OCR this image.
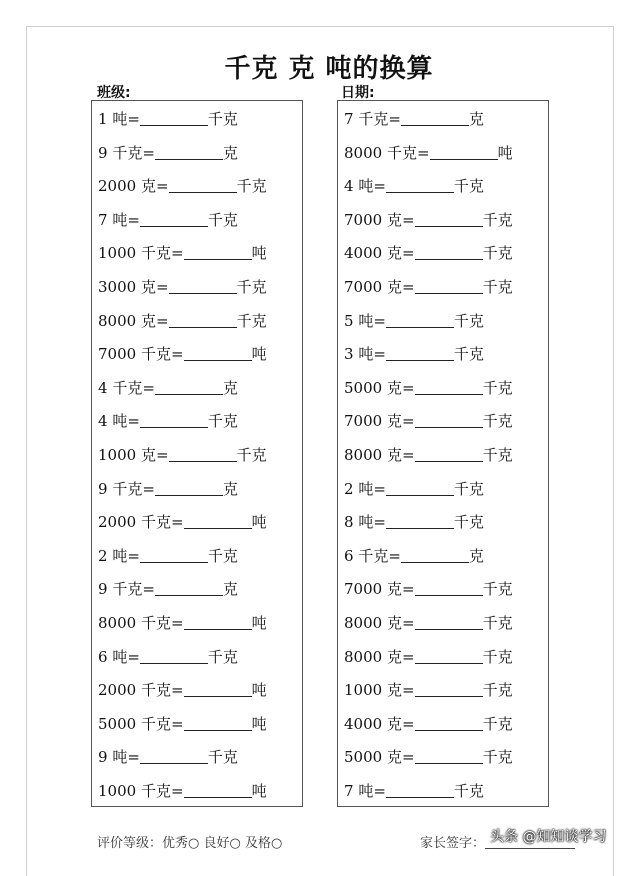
千克 克 吨的换算
班级:	日期:
1 吨=	千克
9 千克=	克
2000 克=	千克
7 吨=	千克
1000 千克=	吨
3000 克=	千克
8000 克=	千克
7000 千克=	吨
4 千克=	克
4 吨=	千克
1000 克=	千克
9 千克=	克
2000 千克=	吨
2 吨=	千克
9 千克=	克
8000 千克=	吨
6 吨=	千克
2000 千克=	吨
5000 千克=	吨
9 吨=	千克
1000 千克=	吨
7 千克=	克
8000 千克=	吨
4 吨=	千克
7000 克=	千克
4000 克=	千克
7000 克=	千克
5 吨=	千克
3 吨=	千克
5000 克=	千克
7000 克=	千克
8000 克=	千克
2 吨=	千克
8 吨=	千克
6 千克=	克
7000 克=	千克
8000 克=	千克
8000 克=	千克
1000 克=	千克
4000 克=	千克
5000 克=	千克
7 吨=	千克
评价等级：优秀○ 良好○ 及格○	家长签字： 头条 @知知谈学习
